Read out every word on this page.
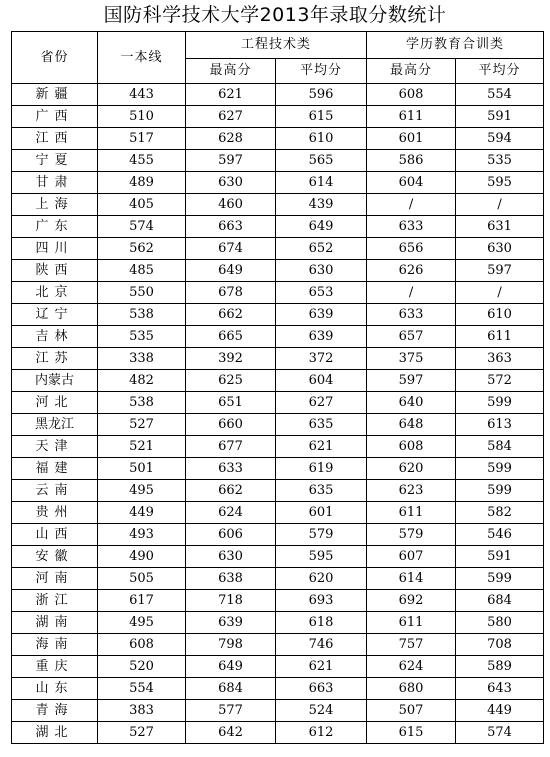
国防科学技术大学2013年录取分数统计
省份	一本线	工程技术类		学历教育合训类	
		最高分	平均分	最高分	平均分
新疆	443	621	596	608	554
广西	510	627	615	611	591
江西	517	628	610	601	594
宁夏	455	597	565	586	535
甘肃	489	630	614	604	595
上海	405	460	439	/	/
广东	574	663	649	633	631
四川	562	674	652	656	630
陕西	485	649	630	626	597
北京	550	678	653	/	/
辽宁	538	662	639	633	610
吉林	535	665	639	657	611
江苏	338	392	372	375	363
内蒙古	482	625	604	597	572
河北	538	651	627	640	599
黑龙江	527	660	635	648	613
天津	521	677	621	608	584
福建	501	633	619	620	599
云南	495	662	635	623	599
贵州	449	624	601	611	582
山西	493	606	579	579	546
安徽	490	630	595	607	591
河南	505	638	620	614	599
浙江	617	718	693	692	684
湖南	495	639	618	611	580
海南	608	798	746	757	708
重庆	520	649	621	624	589
山东	554	684	663	680	643
青海	383	577	524	507	449
湖北	527	642	612	615	574
